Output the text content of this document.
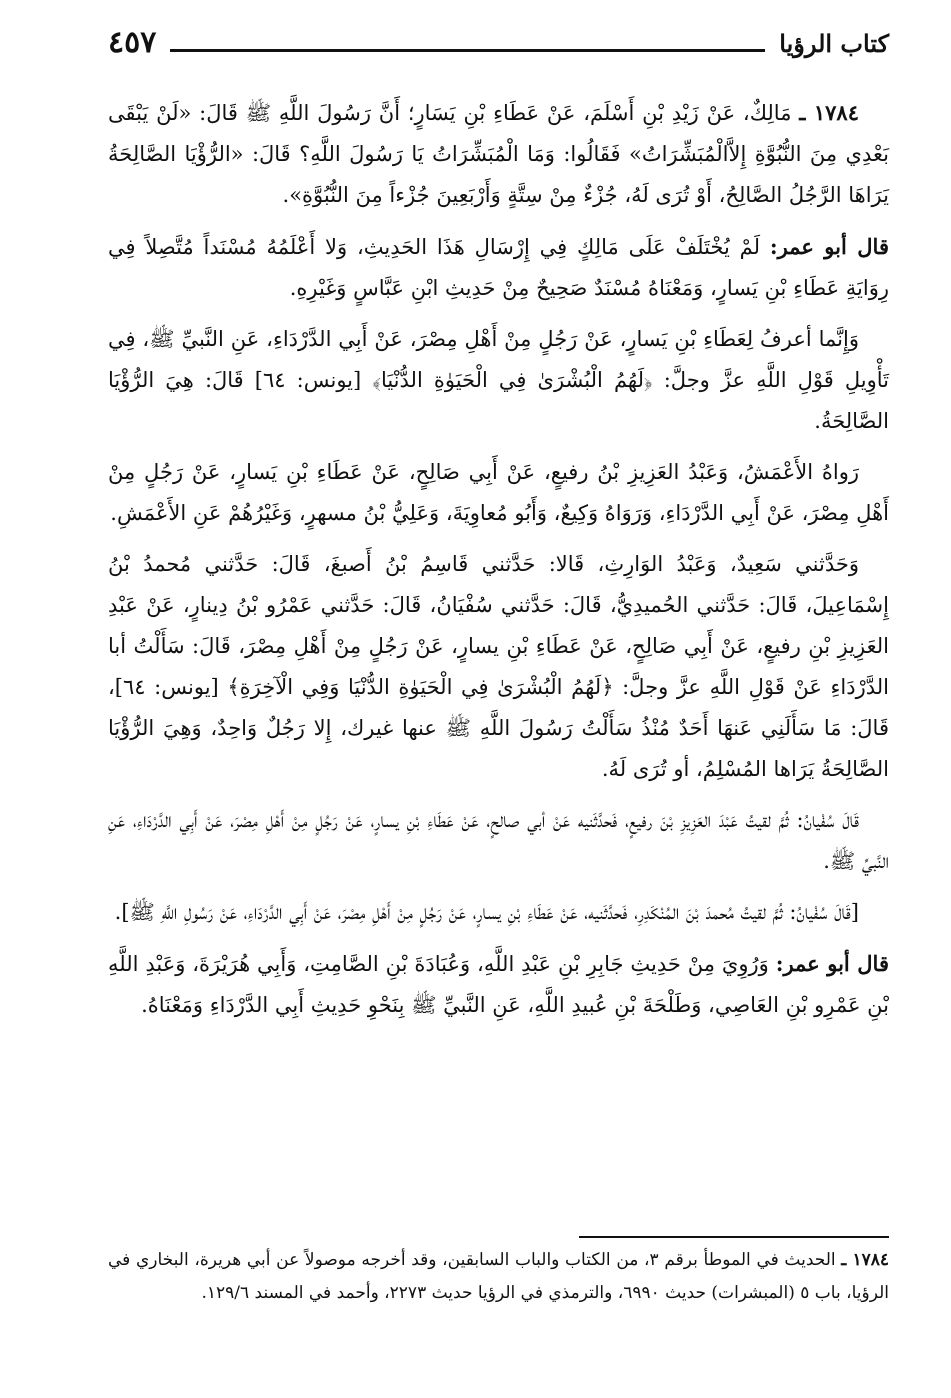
كتاب الرؤيا
٤٥٧

١٧٨٤ ـ مَالِكٌ، عَنْ زَيْدِ بْنِ أَسْلَمَ، عَنْ عَطَاءِ بْنِ يَسَارٍ؛ أَنَّ رَسُولَ اللَّهِ ﷺ قَالَ: «لَنْ يَبْقَى بَعْدِي مِنَ النُّبُوَّةِ إِلاَّالْمُبَشِّرَاتُ» فَقَالُوا: وَمَا الْمُبَشِّرَاتُ يَا رَسُولَ اللَّهِ؟ قَالَ: «الرُّؤْيَا الصَّالِحَةُ يَرَاهَا الرَّجُلُ الصَّالِحُ، أَوْ تُرَى لَهُ، جُزْءٌ مِنْ سِتَّةٍ وَأَرْبَعِينَ جُزْءاً مِنَ النُّبُوَّةِ».

قال أبو عمر: لَمْ يُخْتَلَفْ عَلَى مَالِكٍ فِي إِرْسَالِ هَذَا الحَدِيثِ، وَلا أَعْلَمُهُ مُسْنَداً مُتَّصِلاً فِي رِوَايَةِ عَطَاءِ بْنِ يَسارٍ، وَمَعْنَاهُ مُسْنَدٌ صَحِيحٌ مِنْ حَدِيثِ ابْنِ عَبَّاسٍ وَغَيْرِهِ.

وَإِنَّما أعرفُ لِعَطَاءِ بْنِ يَسارٍ، عَنْ رَجُلٍ مِنْ أَهْلِ مِصْرَ، عَنْ أَبِي الدَّرْدَاءِ، عَنِ النَّبيِّ ﷺ، فِي تَأْوِيلِ قَوْلِ اللَّهِ عزَّ وجلَّ: ﴿لَهُمُ الْبُشْرَىٰ فِي الْحَيَوٰةِ الدُّنْيَا﴾ [يونس: ٦٤] قَالَ: هِيَ الرُّؤْيَا الصَّالِحَةُ.

رَواهُ الأَعْمَشُ، وَعَبْدُ العَزِيزِ بْنُ رفيعٍ، عَنْ أَبِي صَالِحٍ، عَنْ عَطَاءِ بْنِ يَسارٍ، عَنْ رَجُلٍ مِنْ أَهْلِ مِصْرَ، عَنْ أَبِي الدَّرْدَاءِ، وَرَوَاهُ وَكِيعٌ، وَأَبُو مُعاوِيَةَ، وَعَلِيُّ بْنُ مسهرٍ، وَغَيْرُهُمْ عَنِ الأَعْمَشِ.

وَحَدَّثني سَعِيدٌ، وَعَبْدُ الوَارِثِ، قَالا: حَدَّثني قَاسِمُ بْنُ أَصبغَ، قَالَ: حَدَّثني مُحمدُ بْنُ إِسْمَاعِيلَ، قَالَ: حَدَّثني الحُميدِيُّ، قَالَ: حَدَّثني سُفْيَانُ، قَالَ: حَدَّثني عَمْرُو بْنُ دِينارٍ، عَنْ عَبْدِ العَزِيزِ بْنِ رفيعٍ، عَنْ أَبِي صَالِحٍ، عَنْ عَطَاءِ بْنِ يسارٍ، عَنْ رَجُلٍ مِنْ أَهْلِ مِصْرَ، قَالَ: سَأَلْتُ أبا الدَّرْدَاءِ عَنْ قَوْلِ اللَّهِ عزَّ وجلَّ: ﴿لَهُمُ الْبُشْرَىٰ فِي الْحَيَوٰةِ الدُّنْيَا وَفِي الْآخِرَةِ﴾ [يونس: ٦٤]، قَالَ: مَا سَأَلَنِي عَنهَا أَحَدٌ مُنْذُ سَأَلْتُ رَسُولَ اللَّهِ ﷺ عنها غيرك، إِلا رَجُلٌ وَاحِدٌ، وَهِيَ الرُّؤْيَا الصَّالِحَةُ يَرَاها المُسْلِمُ، أو تُرَى لَهُ.

قَالَ سُفْيانُ: ثُمَّ لقيتُ عَبْدَ العَزِيزِ بْنَ رفيعٍ، فَحدَّثَنيه عَنْ أبي صالحٍ، عَنْ عَطَاءِ بْنِ يسارٍ، عَنْ رَجُلٍ مِنْ أَهْلِ مِصْرَ، عَنْ أَبِي الدَّرْدَاءِ، عَنِ النَّبيِّ ﷺ.

[قَالَ سُفْيانُ: ثُمَّ لقيتُ مُحمدَ بْنَ المُنْكَدِرِ، فَحدَّثَنيه، عَنْ عَطَاءِ بْنِ يسارٍ، عَنْ رَجُلٍ مِنْ أَهْلِ مِصْرَ، عَنْ أَبِي الدَّرْدَاءِ، عَنْ رَسُولِ اللَّهِ ﷺ].

قال أبو عمر: وَرُوِيَ مِنْ حَدِيثِ جَابِرِ بْنِ عَبْدِ اللَّهِ، وَعُبَادَةَ بْنِ الصَّامِتِ، وَأَبِي هُرَيْرَةَ، وَعَبْدِ اللَّهِ بْنِ عَمْرِو بْنِ العَاصِي، وَطَلْحَةَ بْنِ عُبيدِ اللَّهِ، عَنِ النَّبيِّ ﷺ بِنَحْوِ حَدِيثِ أَبِي الدَّرْدَاءِ وَمَعْنَاهُ.

١٧٨٤ ـ الحديث في الموطأ برقم ٣، من الكتاب والباب السابقين، وقد أخرجه موصولاً عن أبي هريرة، البخاري في الرؤيا، باب ٥ (المبشرات) حديث ٦٩٩٠، والترمذي في الرؤيا حديث ٢٢٧٣، وأحمد في المسند ١٢٩/٦.
